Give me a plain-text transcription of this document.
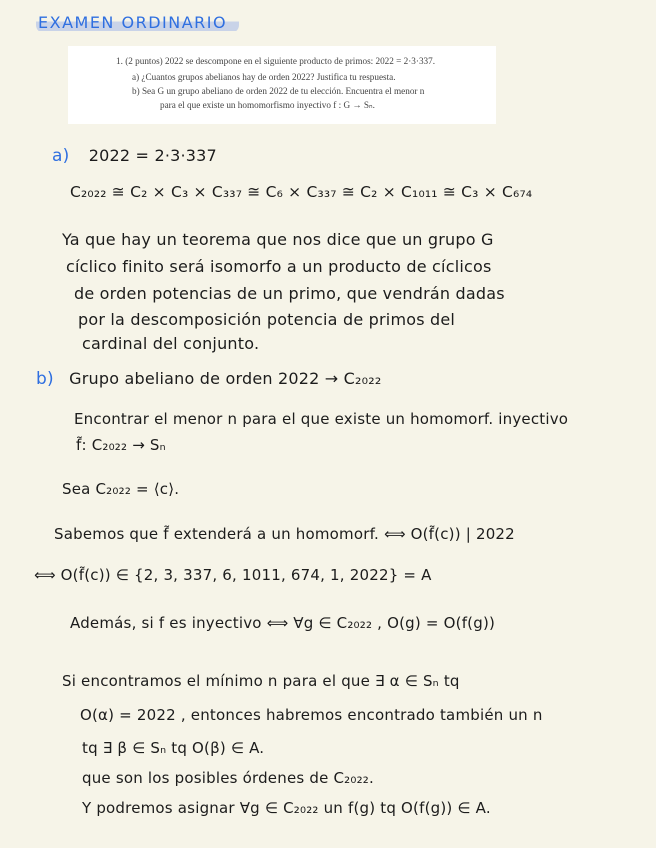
EXAMEN ORDINARIO
1. (2 puntos) 2022 se descompone en el siguiente producto de primos: 2022 = 2·3·337.
a) ¿Cuantos grupos abelianos hay de orden 2022? Justifica tu respuesta.
b) Sea G un grupo abeliano de orden 2022 de tu elección. Encuentra el menor n
para el que existe un homomorfismo inyectivo f : G → Sₙ.
a) 2022 = 2·3·337
C₂₀₂₂ ≅ C₂ × C₃ × C₃₃₇ ≅ C₆ × C₃₃₇ ≅ C₂ × C₁₀₁₁ ≅ C₃ × C₆₇₄
Ya que hay un teorema que nos dice que un grupo G
cíclico finito será isomorfo a un producto de cíclicos
de orden potencias de un primo, que vendrán dadas
por la descomposición potencia de primos del
cardinal del conjunto.
b) Grupo abeliano de orden 2022 → C₂₀₂₂
Encontrar el menor n para el que existe un homomorf. inyectivo
f̃: C₂₀₂₂ → Sₙ
Sea C₂₀₂₂ = ⟨c⟩.
Sabemos que f̃ extenderá a un homomorf. ⟺ O(f̃(c)) | 2022
⟺ O(f̃(c)) ∈ {2, 3, 337, 6, 1011, 674, 1, 2022} = A
Además, si f es inyectivo ⟺ ∀g ∈ C₂₀₂₂ , O(g) = O(f(g))
Si encontramos el mínimo n para el que ∃ α ∈ Sₙ tq
O(α) = 2022 , entonces habremos encontrado también un n
tq ∃ β ∈ Sₙ tq O(β) ∈ A.
que son los posibles órdenes de C₂₀₂₂.
Y podremos asignar ∀g ∈ C₂₀₂₂ un f(g) tq O(f(g)) ∈ A.
